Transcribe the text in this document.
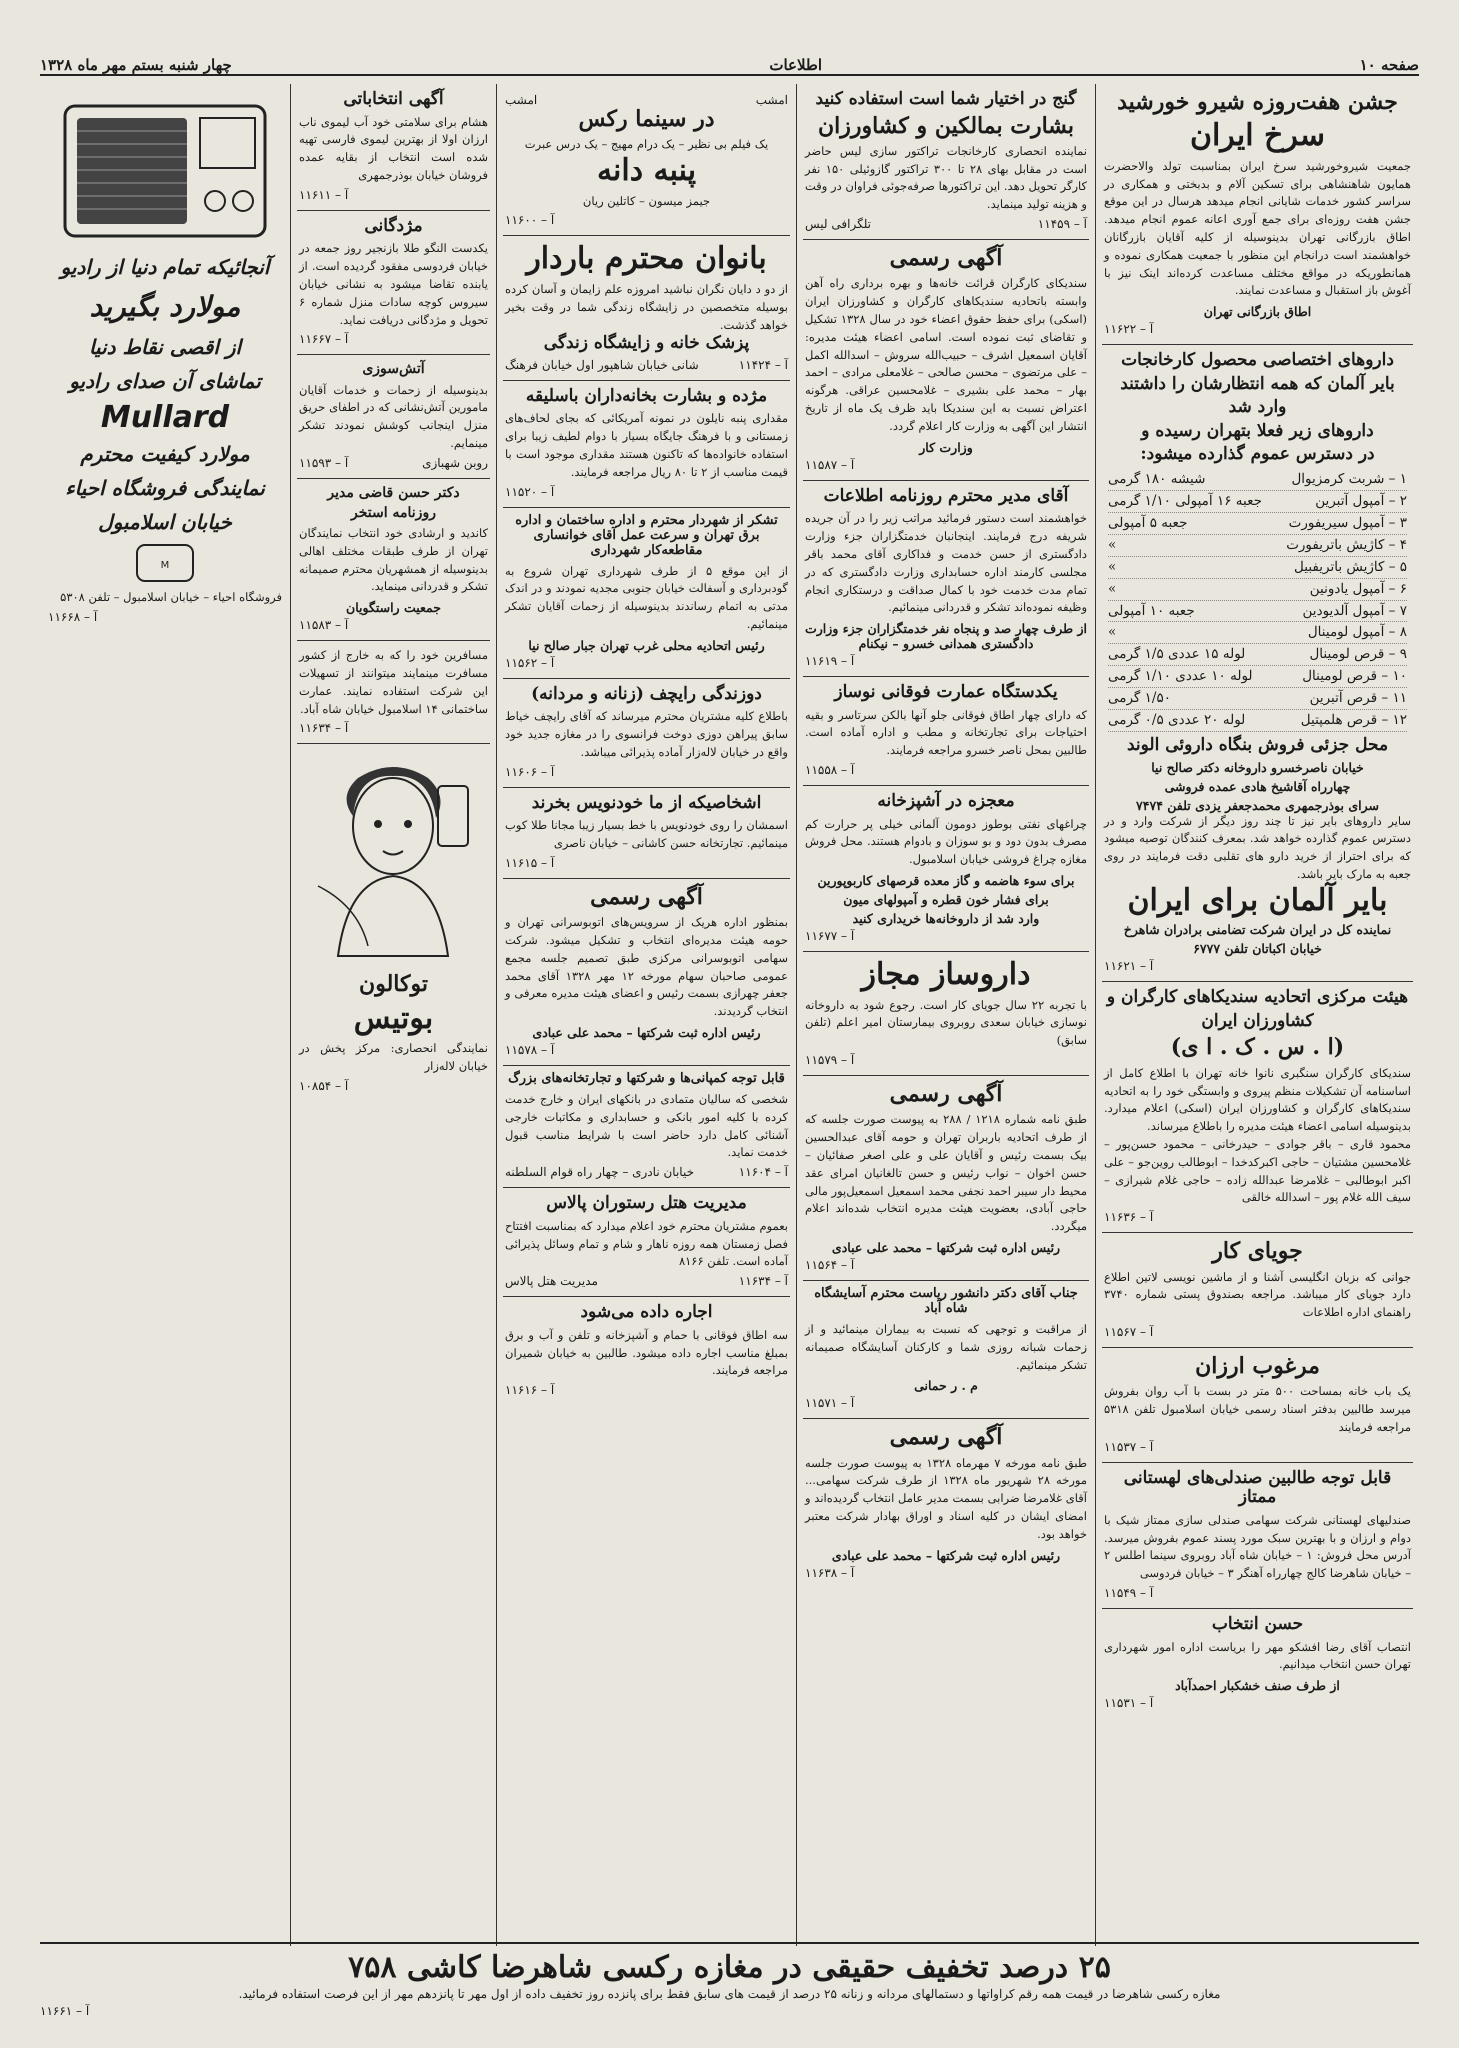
صفحه ۱۰
اطلاعات
چهار شنبه بستم مهر ماه ۱۳۲۸
جشن هفت‌روزه شیرو خورشید
سرخ ایران

جمعیت شیروخورشید سرخ ایران بمناسبت تولد والاحضرت همایون شاهنشاهی برای تسکین آلام و بدبختی و همکاری در سراسر کشور خدمات شایانی انجام میدهد هرسال در این موقع جشن هفت روزه‌ای برای جمع آوری اعانه عموم انجام میدهد. اطاق بازرگانی تهران بدینوسیله از کلیه آقایان بازرگانان خواهشمند است درانجام این منظور با جمعیت همکاری نموده و همانطوریکه در مواقع مختلف مساعدت کرده‌اند اینک نیز با آغوش باز استقبال و مساعدت نمایند.

اطاق بازرگانی تهران
آ – ۱۱۶۲۲
داروهای اختصاصی محصول کارخانجات
بایر آلمان که همه انتظارشان را داشتند
وارد شد
داروهای زیر فعلا بتهران رسیده و
در دسترس عموم گذارده میشود:
۱ – شربت کرمزیوال
شیشه ۱۸۰ گرمی
۲ – آمپول آتبرین
جعبه ۱۶ آمپولی ۱/۱۰ گرمی
۳ – آمپول سیریفورت
جعبه ۵ آمپولی
۴ – کاژیش باتریفورت
»
۵ – کاژیش باتریفبیل
»
۶ – آمپول یادونین
»
۷ – آمپول آلدیودین
جعبه ۱۰ آمپولی
۸ – آمپول لومینال
»
۹ – قرص لومینال
لوله ۱۵ عددی ۱/۵ گرمی
۱۰ – قرص لومینال
لوله ۱۰ عددی ۱/۱۰ گرمی
۱۱ – قرص آتبرین
۱/۵۰ گرمی
۱۲ – قرص هلمپتیل
لوله ۲۰ عددی ۰/۵ گرمی
محل جزئی فروش بنگاه داروئی الوند
خیابان ناصرخسرو داروخانه دکتر صالح نیا
چهارراه آقاشیخ هادی عمده فروشی
سرای بوذرجمهری محمدجعفر یزدی تلفن ۷۴۷۴

سایر داروهای بایر نیز تا چند روز دیگر از شرکت وارد و در دسترس عموم گذارده خواهد شد. بمعرف کنندگان توصیه میشود که برای احتراز از خرید دارو های تقلبی دقت فرمایند در روی جعبه به مارک بایر باشد.

بایر آلمان برای ایران
نماینده کل در ایران شرکت تضامنی برادران شاهرخ
خیابان اکباتان تلفن ۶۷۷۷
آ – ۱۱۶۲۱
هیئت مرکزی اتحادیه سندیکاهای کارگران و
کشاورزان ایران
(ا . س . ک . ا ی)

سندیکای کارگران سنگبری نانوا خانه تهران با اطلاع کامل از اساسنامه آن تشکیلات منظم پیروی و وابستگی خود را به اتحادیه سندیکاهای کارگران و کشاورزان ایران (اسکی) اعلام میدارد. بدینوسیله اسامی اعضاء هیئت مدیره را باطلاع میرساند.

محمود قاری – باقر جوادی – حیدرخانی – محمود حسن‌پور – غلامحسین مشتیان – حاجی اکبرکدخدا – ابوطالب روین‌جو – علی اکبر ابوطالبی – غلامرضا عبدالله زاده – حاجی غلام شیرازی – سیف الله غلام پور – اسدالله خالقی

آ – ۱۱۶۳۶
جویای کار

جوانی که بزبان انگلیسی آشنا و از ماشین نویسی لاتین اطلاع دارد جویای کار میباشد. مراجعه بصندوق پستی شماره ۳۷۴۰ راهنمای اداره اطلاعات

آ – ۱۱۵۶۷
مرغوب ارزان

یک باب خانه بمساحت ۵۰۰ متر در بست با آب روان بفروش میرسد طالبین بدفتر اسناد رسمی خیابان اسلامبول تلفن ۵۳۱۸ مراجعه فرمایند

آ – ۱۱۵۳۷
قابل توجه طالبین صندلی‌های لهستانی ممتاز

صندلیهای لهستانی شرکت سهامی صندلی سازی ممتاز شیک با دوام و ارزان و با بهترین سبک مورد پسند عموم بفروش میرسد. آدرس محل فروش: ۱ – خیابان شاه آباد روبروی سینما اطلس ۲ – خیابان شاهرضا کالج چهارراه آهنگر ۳ – خیابان فردوسی

آ – ۱۱۵۴۹
حسن انتخاب

انتصاب آقای رضا افشکو مهر را بریاست اداره امور شهرداری تهران حسن انتخاب میدانیم.

از طرف صنف خشکبار احمدآباد
آ – ۱۱۵۳۱
گنج در اختیار شما است استفاده کنید
بشارت بمالکین و کشاورزان

نماینده انحصاری کارخانجات تراکتور سازی لیس حاضر است در مقابل بهای ۲۸ تا ۳۰۰ تراکتور گازوئیلی ۱۵۰ نفر کارگر تحویل دهد. این تراکتورها صرفه‌جوئی فراوان در وقت و هزینه تولید مینماید.

تلگرافی لیس	آ – ۱۱۴۵۹
آگهی رسمی

سندیکای کارگران قرائت خانه‌ها و بهره برداری راه آهن وابسته باتحادیه سندیکاهای کارگران و کشاورزان ایران (اسکی) برای حفظ حقوق اعضاء خود در سال ۱۳۲۸ تشکیل و تقاضای ثبت نموده است. اسامی اعضاء هیئت مدیره: آقایان اسمعیل اشرف – حبیب‌الله سروش – اسدالله اکمل – علی مرتضوی – محسن صالحی – غلامعلی مرادی – احمد بهار – محمد علی بشیری – غلامحسین عراقی. هرگونه اعتراض نسبت به این سندیکا باید ظرف یک ماه از تاریخ انتشار این آگهی به وزارت کار اعلام گردد.

وزارت کار
آ – ۱۱۵۸۷
آقای مدیر محترم روزنامه اطلاعات

خواهشمند است دستور فرمائید مراتب زیر را در آن جریده شریفه درج فرمایند. اینجانبان خدمتگزاران جزء وزارت دادگستری از حسن خدمت و فداکاری آقای محمد باقر مجلسی کارمند اداره حسابداری وزارت دادگستری که در تمام مدت خدمت خود با کمال صداقت و درستکاری انجام وظیفه نموده‌اند تشکر و قدردانی مینمائیم.

از طرف چهار صد و پنجاه نفر خدمتگزاران جزء وزارت دادگستری همدانی خسرو – نیکنام
آ – ۱۱۶۱۹
یکدستگاه عمارت فوقانی نوساز

که دارای چهار اطاق فوقانی جلو آنها بالکن سرتاسر و بقیه احتیاجات برای تجارتخانه و مطب و اداره آماده است. طالبین بمحل ناصر خسرو مراجعه فرمایند.

آ – ۱۱۵۵۸
معجزه در آشپزخانه

چراغهای نفتی بوطوز دومون آلمانی خیلی پر حرارت کم مصرف بدون دود و بو سوزان و بادوام هستند. محل فروش مغازه چراغ فروشی خیابان اسلامبول.

برای سوء هاضمه و گاز معده قرصهای کاربوپورین
برای فشار خون قطره و آمپولهای میون
وارد شد از داروخانه‌ها خریداری کنید
آ – ۱۱۶۷۷
داروساز مجاز

با تجربه ۲۲ سال جویای کار است. رجوع شود به داروخانه نوسازی خیابان سعدی روبروی بیمارستان امیر اعلم (تلفن سابق)

آ – ۱۱۵۷۹
آگهی رسمی

طبق نامه شماره ۱۲۱۸ / ۲۸۸ به پیوست صورت جلسه که از طرف اتحادیه باربران تهران و حومه آقای عبدالحسین بیک بسمت رئیس و آقایان علی و علی اصغر صفائیان – حسن اخوان – نواب رئیس و حسن تالغانیان امرای عقد محیط دار سیبر احمد نجفی محمد اسمعیل اسمعیل‌پور مالی حاجی آبادی، بعضویت هیئت مدیره انتخاب شده‌اند اعلام میگردد.

رئیس اداره ثبت شرکتها – محمد علی عبادی
آ – ۱۱۵۶۴
جناب آقای دکتر دانشور ریاست محترم آسایشگاه شاه آباد

از مراقبت و توجهی که نسبت به بیماران مینمائید و از زحمات شبانه روزی شما و کارکنان آسایشگاه صمیمانه تشکر مینمائیم.

م . ر حمانی
آ – ۱۱۵۷۱
آگهی رسمی

طبق نامه مورخه ۷ مهرماه ۱۳۲۸ به پیوست صورت جلسه مورخه ۲۸ شهریور ماه ۱۳۲۸ از طرف شرکت سهامی... آقای غلامرضا ضرابی بسمت مدیر عامل انتخاب گردیده‌اند و امضای ایشان در کلیه اسناد و اوراق بهادار شرکت معتبر خواهد بود.

رئیس اداره ثبت شرکتها – محمد علی عبادی
آ – ۱۱۶۳۸
امشب
امشب
در سینما رکس

یک فیلم بی نظیر – یک درام مهیج – یک درس عبرت

پنبه دانه

جیمز میسون – کاتلین ریان

آ – ۱۱۶۰۰
بانوان محترم باردار

از دو د دایان نگران نباشید امروزه علم زایمان و آسان کرده بوسیله متخصصین در زایشگاه زندگی شما در وقت بخیر خواهد گذشت.

پزشک خانه و زایشگاه زندگی
شانی خیابان شاهپور اول خیابان فرهنگ	آ – ۱۱۴۲۴
مژده و بشارت بخانه‌داران باسلیقه

مقداری پنبه نایلون در نمونه آمریکائی که بجای لحاف‌های زمستانی و با فرهنگ جایگاه بسیار با دوام لطیف زیبا برای استفاده خانواده‌ها که تاکنون هستند مقداری موجود است با قیمت مناسب از ۲ تا ۸۰ ریال مراجعه فرمایند.

آ – ۱۱۵۲۰
تشکر از شهردار محترم و اداره ساختمان و اداره برق تهران و سرعت عمل آقای خوانساری مقاطعه‌کار شهرداری

از این موقع ۵ از طرف شهرداری تهران شروع به گودبرداری و آسفالت خیابان جنوبی مجدیه نمودند و در اندک مدتی به اتمام رساندند بدینوسیله از زحمات آقایان تشکر مینمائیم.

رئیس اتحادیه محلی غرب تهران جبار صالح نیا
آ – ۱۱۵۶۲
دوزندگی رایچف (زنانه و مردانه)

باطلاع کلیه مشتریان محترم میرساند که آقای رایچف خیاط سابق پیراهن دوزی دوخت فرانسوی را در مغازه جدید خود واقع در خیابان لاله‌زار آماده پذیرائی میباشد.

آ – ۱۱۶۰۶
اشخاصیکه از ما خودنویس بخرند

اسمشان را روی خودنویس با خط بسیار زیبا مجانا طلا کوب مینمائیم. تجارتخانه حسن کاشانی – خیابان ناصری

آ – ۱۱۶۱۵
آگهی رسمی

بمنظور اداره هریک از سرویس‌های اتوبوسرانی تهران و حومه هیئت مدیره‌ای انتخاب و تشکیل میشود. شرکت سهامی اتوبوسرانی مرکزی طبق تصمیم جلسه مجمع عمومی صاحبان سهام مورخه ۱۲ مهر ۱۳۲۸ آقای محمد جعفر چهرازی بسمت رئیس و اعضای هیئت مدیره معرفی و انتخاب گردیدند.

رئیس اداره ثبت شرکتها – محمد علی عبادی
آ – ۱۱۵۷۸
قابل توجه کمپانی‌ها و شرکتها و تجارتخانه‌های بزرگ

شخصی که سالیان متمادی در بانکهای ایران و خارج خدمت کرده با کلیه امور بانکی و حسابداری و مکاتبات خارجی آشنائی کامل دارد حاضر است با شرایط مناسب قبول خدمت نماید.

خیابان نادری – چهار راه قوام السلطنه	آ – ۱۱۶۰۴
مدیریت هتل رستوران پالاس

بعموم مشتریان محترم خود اعلام میدارد که بمناسبت افتتاح فصل زمستان همه روزه ناهار و شام و تمام وسائل پذیرائی آماده است. تلفن ۸۱۶۶

مدیریت هتل پالاس	آ – ۱۱۶۳۴
اجاره داده می‌شود

سه اطاق فوقانی با حمام و آشپزخانه و تلفن و آب و برق بمبلغ مناسب اجاره داده میشود. طالبین به خیابان شمیران مراجعه فرمایند.

آ – ۱۱۶۱۶
آگهی انتخاباتی

هشام برای سلامتی خود آب لیموی ناب ارزان اولا از بهترین لیموی فارسی تهیه شده است انتخاب از بقایه عمده فروشان خیابان بوذرجمهری

آ – ۱۱۶۱۱
مژدگانی

یکدست النگو طلا بازنجیر روز جمعه در خیابان فردوسی مفقود گردیده است. از یابنده تقاضا میشود به نشانی خیابان سیروس کوچه سادات منزل شماره ۶ تحویل و مژدگانی دریافت نماید.

آ – ۱۱۶۶۷
آتش‌سوزی

بدینوسیله از زحمات و خدمات آقایان مامورین آتش‌نشانی که در اطفای حریق منزل اینجانب کوشش نمودند تشکر مینمایم.

آ – ۱۱۵۹۳	روبن شهبازی
دکتر حسن قاضی مدیر
روزنامه استخر

کاندید و ارشادی خود انتخاب نمایندگان تهران از طرف طبقات مختلف اهالی بدینوسیله از همشهریان محترم صمیمانه تشکر و قدردانی مینماید.

جمعیت راستگویان
آ – ۱۱۵۸۳

مسافرین خود را که به خارج از کشور مسافرت مینمایند میتوانند از تسهیلات این شرکت استفاده نمایند. عمارت ساختمانی ۱۴ اسلامبول خیابان شاه آباد.

آ – ۱۱۶۳۴
توکالون
بوتیس

نمایندگی انحصاری: مرکز پخش در خیابان لاله‌زار

آ – ۱۰۸۵۴
آنجائیکه تمام دنیا از رادیو
مولارد بگیرید
از اقصی نقاط دنیا
تماشای آن صدای رادیو
Mullard
مولارد کیفیت محترم
نمایندگی فروشگاه احیاء
خیابان اسلامبول
M

فروشگاه احیاء – خیابان اسلامبول – تلفن ۵۳۰۸

آ – ۱۱۶۶۸
۲۵ درصد تخفیف حقیقی در مغازه رکسی شاهرضا کاشی ۷۵۸

مغازه رکسی شاهرضا در قیمت همه رقم کراواتها و دستمالهای مردانه و زنانه ۲۵ درصد از قیمت های سابق فقط برای پانزده روز تخفیف داده از اول مهر تا پانزدهم مهر از این فرصت استفاده فرمائید.

آ – ۱۱۶۶۱
